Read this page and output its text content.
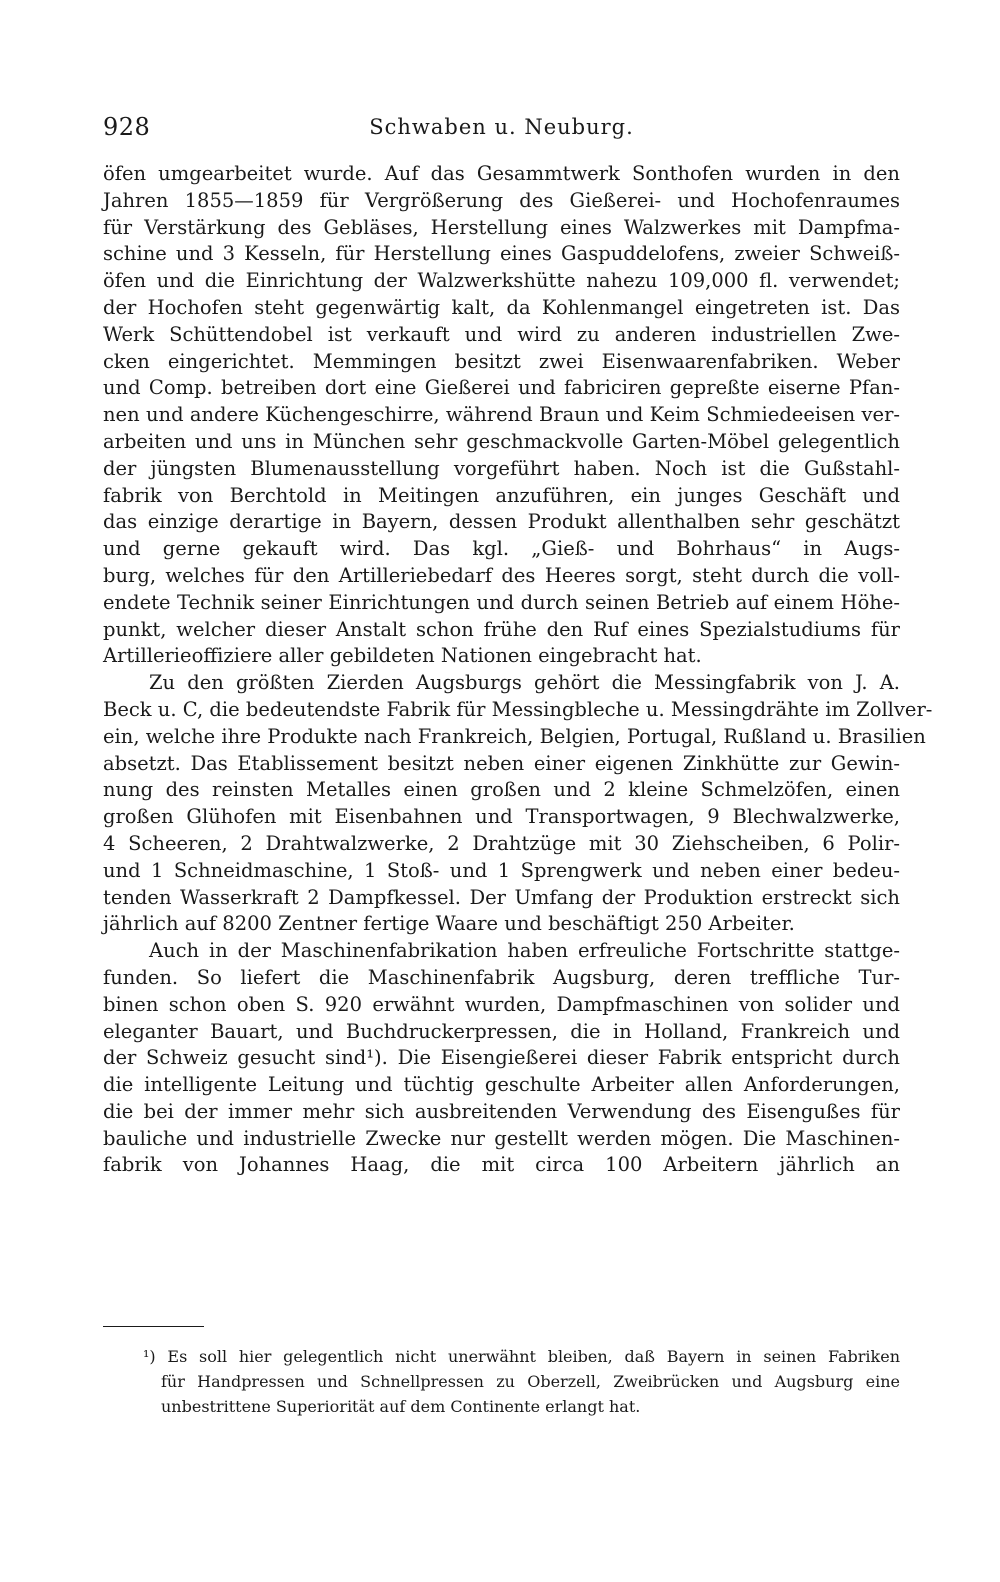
928	Schwaben u. Neuburg.
öfen umgearbeitet wurde. Auf das Gesammtwerk Sonthofen wurden in den
Jahren 1855—1859 für Vergrößerung des Gießerei- und Hochofenraumes
für Verstärkung des Gebläses, Herstellung eines Walzwerkes mit Dampfma-
schine und 3 Kesseln, für Herstellung eines Gaspuddelofens, zweier Schweiß-
öfen und die Einrichtung der Walzwerkshütte nahezu 109,000 fl. verwendet;
der Hochofen steht gegenwärtig kalt, da Kohlenmangel eingetreten ist. Das
Werk Schüttendobel ist verkauft und wird zu anderen industriellen Zwe-
cken eingerichtet. Memmingen besitzt zwei Eisenwaarenfabriken. Weber
und Comp. betreiben dort eine Gießerei und fabriciren gepreßte eiserne Pfan-
nen und andere Küchengeschirre, während Braun und Keim Schmiedeeisen ver-
arbeiten und uns in München sehr geschmackvolle Garten-Möbel gelegentlich
der jüngsten Blumenausstellung vorgeführt haben. Noch ist die Gußstahl-
fabrik von Berchtold in Meitingen anzuführen, ein junges Geschäft und
das einzige derartige in Bayern, dessen Produkt allenthalben sehr geschätzt
und gerne gekauft wird. Das kgl. „Gieß- und Bohrhaus“ in Augs-
burg, welches für den Artilleriebedarf des Heeres sorgt, steht durch die voll-
endete Technik seiner Einrichtungen und durch seinen Betrieb auf einem Höhe-
punkt, welcher dieser Anstalt schon frühe den Ruf eines Spezialstudiums für
Artillerieoffiziere aller gebildeten Nationen eingebracht hat.
Zu den größten Zierden Augsburgs gehört die Messingfabrik von J. A.
Beck u. C, die bedeutendste Fabrik für Messingbleche u. Messingdrähte im Zollver-
ein, welche ihre Produkte nach Frankreich, Belgien, Portugal, Rußland u. Brasilien
absetzt. Das Etablissement besitzt neben einer eigenen Zinkhütte zur Gewin-
nung des reinsten Metalles einen großen und 2 kleine Schmelzöfen, einen
großen Glühofen mit Eisenbahnen und Transportwagen, 9 Blechwalzwerke,
4 Scheeren, 2 Drahtwalzwerke, 2 Drahtzüge mit 30 Ziehscheiben, 6 Polir-
und 1 Schneidmaschine, 1 Stoß- und 1 Sprengwerk und neben einer bedeu-
tenden Wasserkraft 2 Dampfkessel. Der Umfang der Produktion erstreckt sich
jährlich auf 8200 Zentner fertige Waare und beschäftigt 250 Arbeiter.
Auch in der Maschinenfabrikation haben erfreuliche Fortschritte stattge-
funden. So liefert die Maschinenfabrik Augsburg, deren treffliche Tur-
binen schon oben S. 920 erwähnt wurden, Dampfmaschinen von solider und
eleganter Bauart, und Buchdruckerpressen, die in Holland, Frankreich und
der Schweiz gesucht sind¹). Die Eisengießerei dieser Fabrik entspricht durch
die intelligente Leitung und tüchtig geschulte Arbeiter allen Anforderungen,
die bei der immer mehr sich ausbreitenden Verwendung des Eisengußes für
bauliche und industrielle Zwecke nur gestellt werden mögen. Die Maschinen-
fabrik von Johannes Haag, die mit circa 100 Arbeitern jährlich an
¹) Es soll hier gelegentlich nicht unerwähnt bleiben, daß Bayern in seinen Fabriken
für Handpressen und Schnellpressen zu Oberzell, Zweibrücken und Augsburg eine
unbestrittene Superiorität auf dem Continente erlangt hat.
